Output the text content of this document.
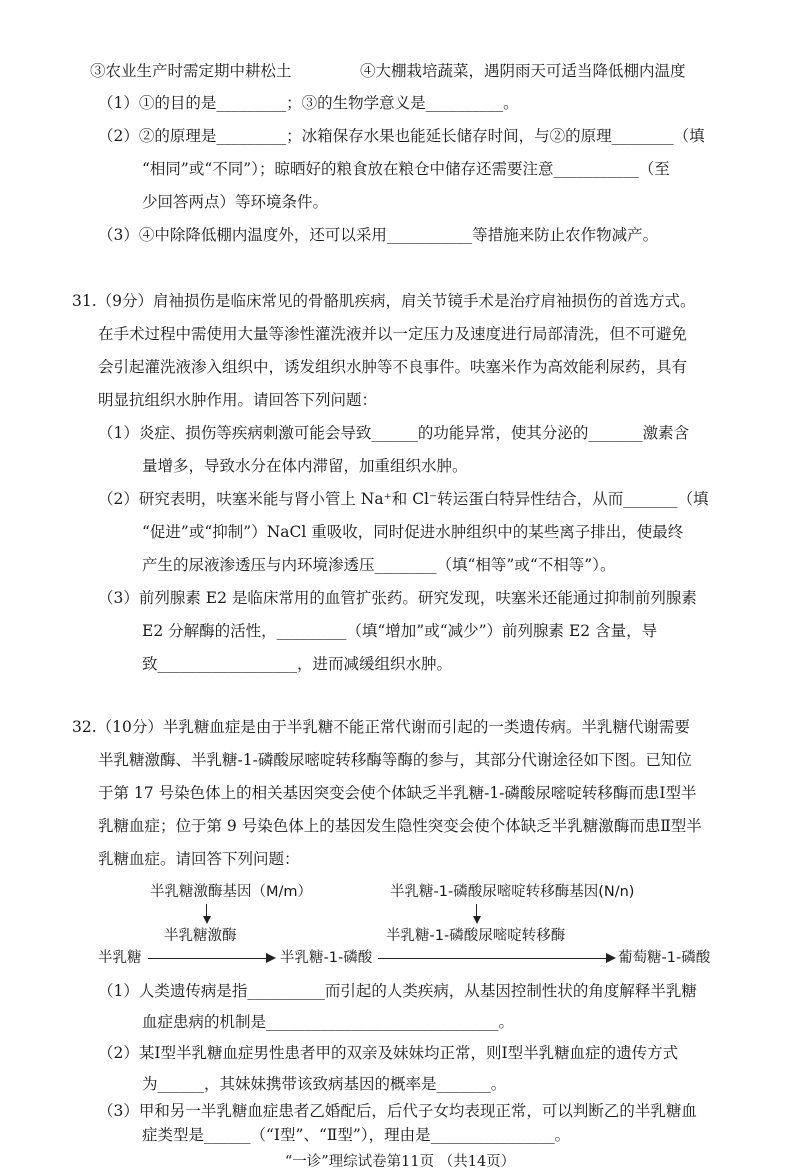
③农业生产时需定期中耕松土	④大棚栽培蔬菜，遇阴雨天可适当降低棚内温度
（1）①的目的是_________；③的生物学意义是__________。
（2）②的原理是_________；冰箱保存水果也能延长储存时间，与②的原理________（填
“相同”或“不同”）；晾晒好的粮食放在粮仓中储存还需要注意___________（至
少回答两点）等环境条件。
（3）④中除降低棚内温度外，还可以采用___________等措施来防止农作物减产。
31.（9分）肩袖损伤是临床常见的骨骼肌疾病，肩关节镜手术是治疗肩袖损伤的首选方式。
在手术过程中需使用大量等渗性灌洗液并以一定压力及速度进行局部清洗，但不可避免
会引起灌洗液渗入组织中，诱发组织水肿等不良事件。呋塞米作为高效能利尿药，具有
明显抗组织水肿作用。请回答下列问题：
（1）炎症、损伤等疾病刺激可能会导致______的功能异常，使其分泌的_______激素含
量增多，导致水分在体内滞留，加重组织水肿。
（2）研究表明，呋塞米能与肾小管上 Na⁺和 Cl⁻转运蛋白特异性结合，从而_______（填
“促进”或“抑制”）NaCl 重吸收，同时促进水肿组织中的某些离子排出，使最终
产生的尿液渗透压与内环境渗透压________（填“相等”或“不相等”）。
（3）前列腺素 E2 是临床常用的血管扩张药。研究发现，呋塞米还能通过抑制前列腺素
E2 分解酶的活性，_________（填“增加”或“减少”）前列腺素 E2 含量，导
致__________________，进而减缓组织水肿。
32.（10分）半乳糖血症是由于半乳糖不能正常代谢而引起的一类遗传病。半乳糖代谢需要
半乳糖激酶、半乳糖-1-磷酸尿嘧啶转移酶等酶的参与，其部分代谢途径如下图。已知位
于第 17 号染色体上的相关基因突变会使个体缺乏半乳糖-1-磷酸尿嘧啶转移酶而患Ⅰ型半
乳糖血症；位于第 9 号染色体上的基因发生隐性突变会使个体缺乏半乳糖激酶而患Ⅱ型半
乳糖血症。请回答下列问题：
半乳糖激酶基因（M/m）	半乳糖-1-磷酸尿嘧啶转移酶基因(N/n)
半乳糖激酶	半乳糖-1-磷酸尿嘧啶转移酶
半乳糖	半乳糖-1-磷酸	葡萄糖-1-磷酸
（1）人类遗传病是指__________而引起的人类疾病，从基因控制性状的角度解释半乳糖
血症患病的机制是______________________________。
（2）某Ⅰ型半乳糖血症男性患者甲的双亲及妹妹均正常，则Ⅰ型半乳糖血症的遗传方式
为______，其妹妹携带该致病基因的概率是_______。
“一诊”理综试卷第11页 （共14页）
（3）甲和另一半乳糖血症患者乙婚配后，后代子女均表现正常，可以判断乙的半乳糖血
症类型是______（“Ⅰ型”、“Ⅱ型”），理由是________________。
